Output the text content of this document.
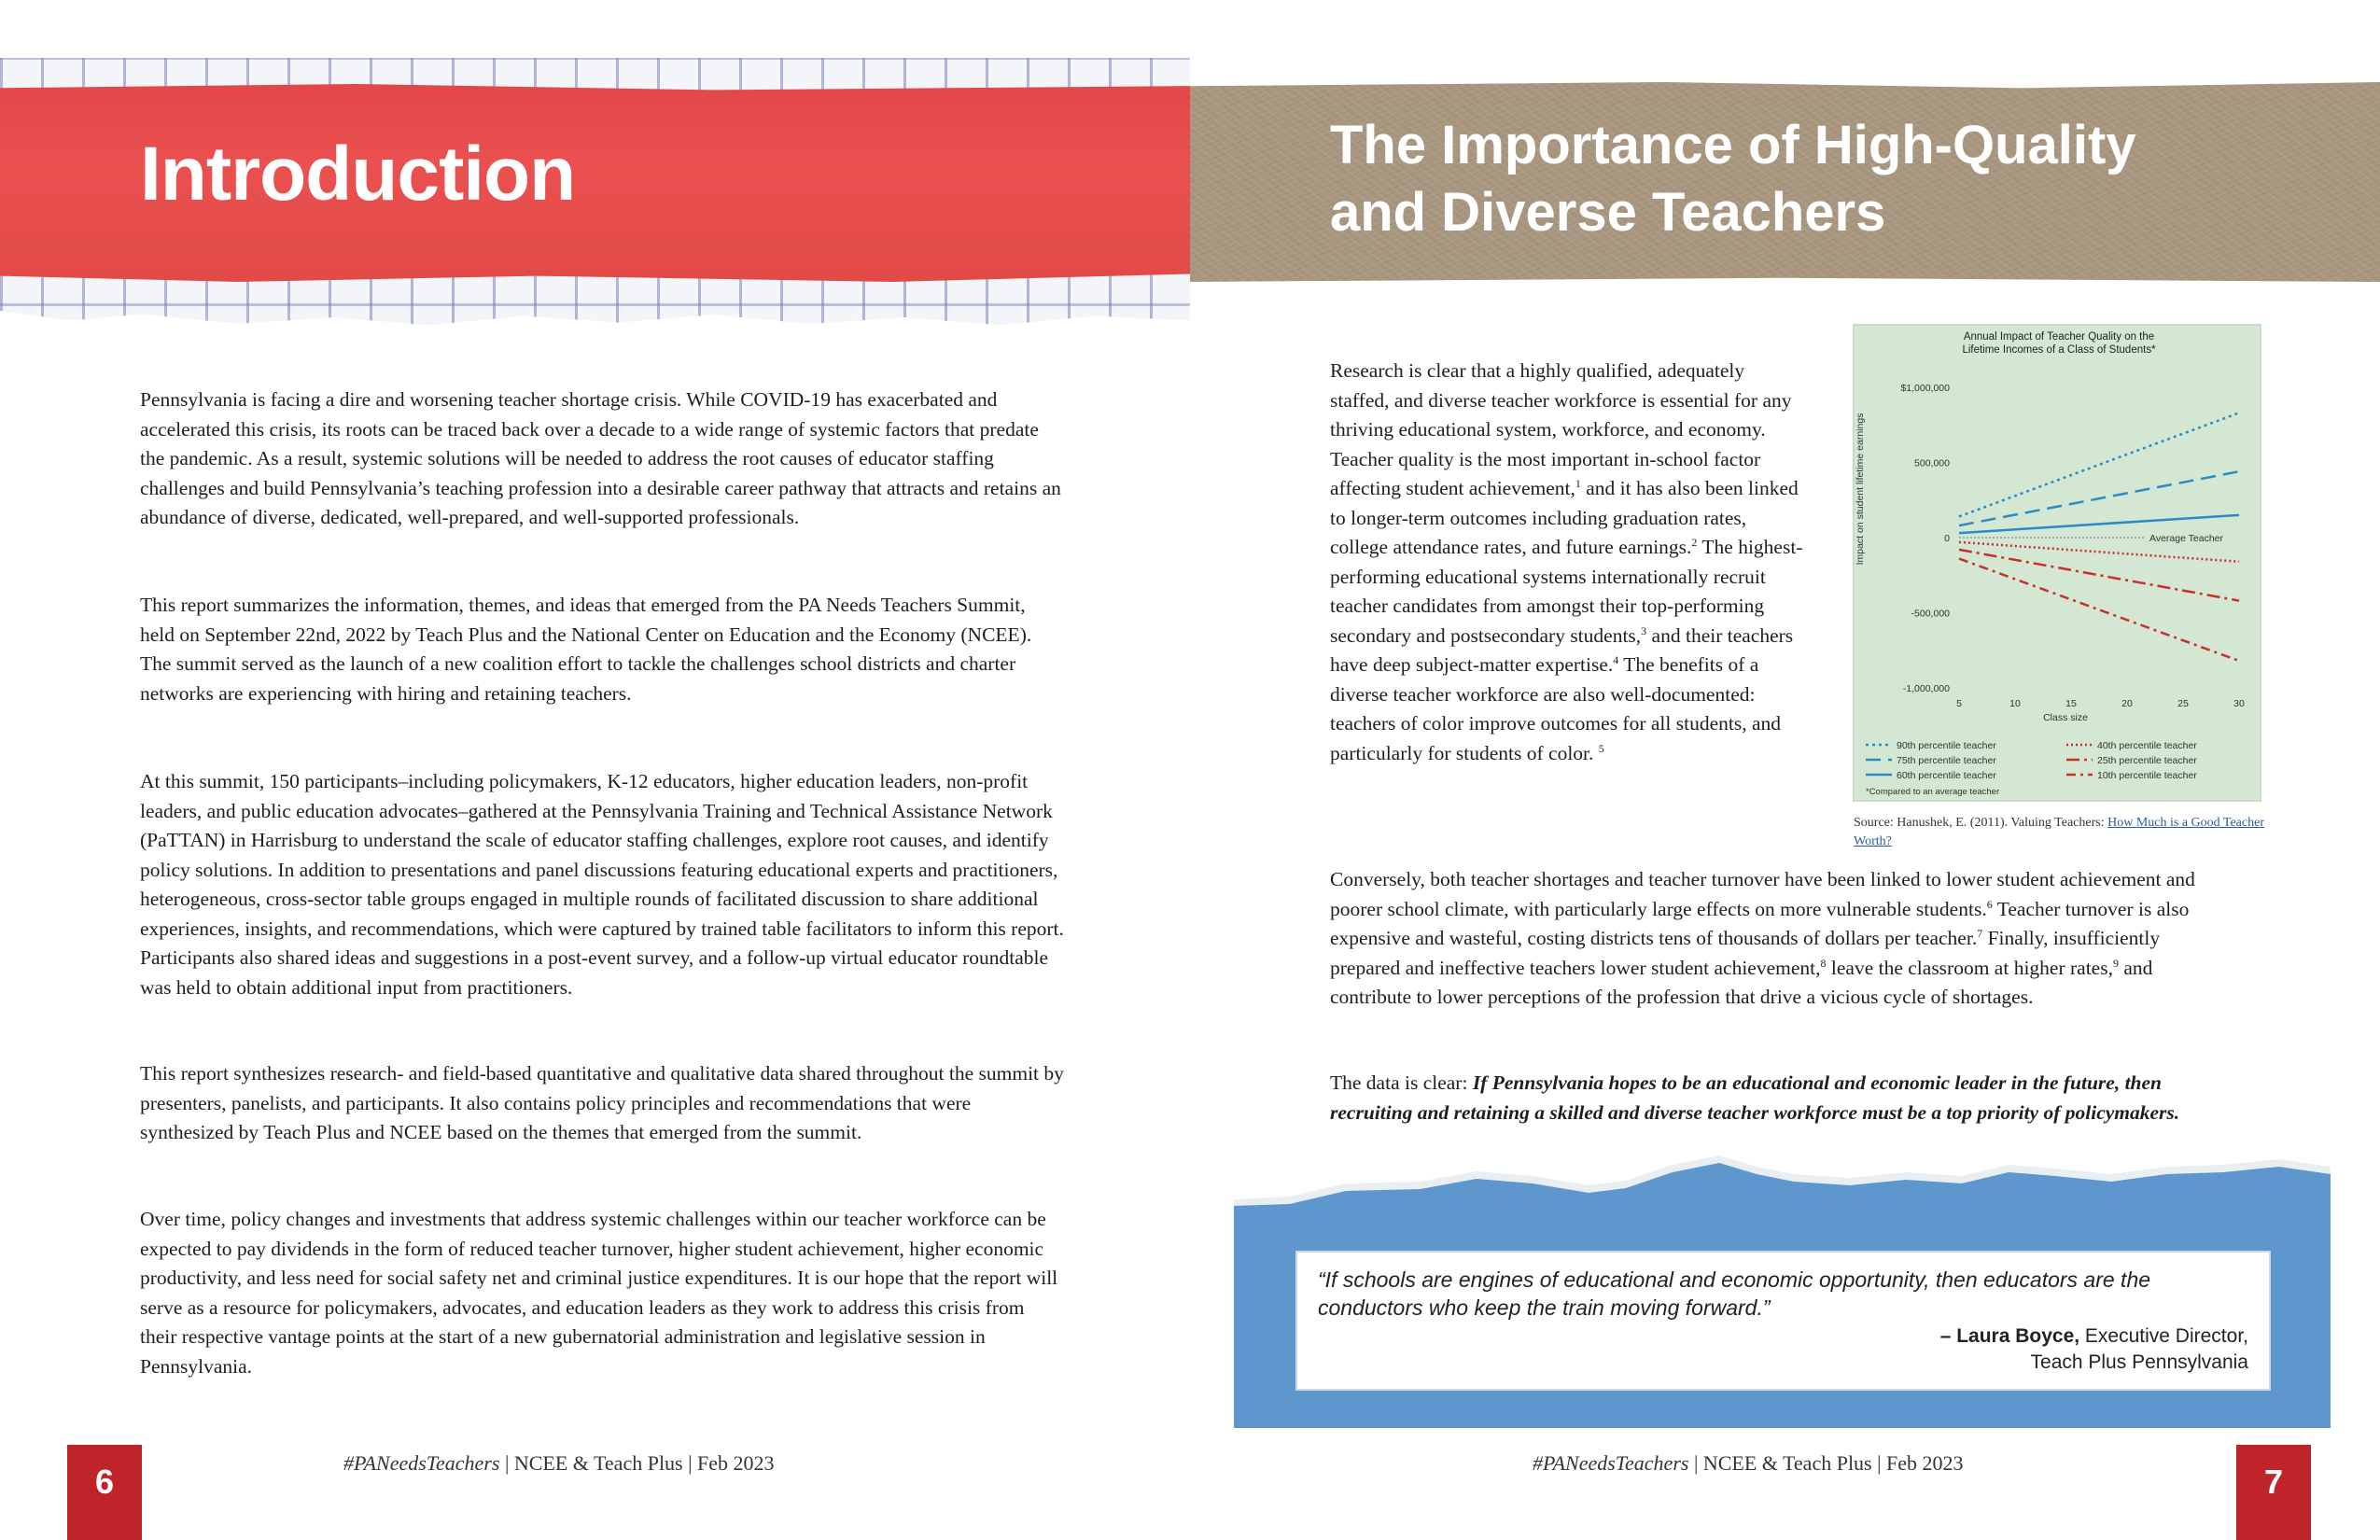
Introduction	The Importance of High-Quality
and Diverse Teachers

Pennsylvania is facing a dire and worsening teacher shortage crisis. While COVID-19 has exacerbated and accelerated this crisis, its roots can be traced back over a decade to a wide range of systemic factors that predate the pandemic. As a result, systemic solutions will be needed to address the root causes of educator staffing challenges and build Pennsylvania’s teaching profession into a desirable career pathway that attracts and retains an abundance of diverse, dedicated, well-prepared, and well-supported professionals.

This report summarizes the information, themes, and ideas that emerged from the PA Needs Teachers Summit, held on September 22nd, 2022 by Teach Plus and the National Center on Education and the Economy (NCEE). The summit served as the launch of a new coalition effort to tackle the challenges school districts and charter networks are experiencing with hiring and retaining teachers.

At this summit, 150 participants–including policymakers, K-12 educators, higher education leaders, non-profit leaders, and public education advocates–gathered at the Pennsylvania Training and Technical Assistance Network (PaTTAN) in Harrisburg to understand the scale of educator staffing challenges, explore root causes, and identify policy solutions. In addition to presentations and panel discussions featuring educational experts and practitioners, heterogeneous, cross-sector table groups engaged in multiple rounds of facilitated discussion to share additional experiences, insights, and recommendations, which were captured by trained table facilitators to inform this report. Participants also shared ideas and suggestions in a post-event survey, and a follow-up virtual educator roundtable was held to obtain additional input from practitioners.

This report synthesizes research- and field-based quantitative and qualitative data shared throughout the summit by presenters, panelists, and participants. It also contains policy principles and recommendations that were synthesized by Teach Plus and NCEE based on the themes that emerged from the summit.

Over time, policy changes and investments that address systemic challenges within our teacher workforce can be expected to pay dividends in the form of reduced teacher turnover, higher student achievement, higher economic productivity, and less need for social safety net and criminal justice expenditures. It is our hope that the report will serve as a resource for policymakers, advocates, and education leaders as they work to address this crisis from their respective vantage points at the start of a new gubernatorial administration and legislative session in Pennsylvania.

Research is clear that a highly qualified, adequately staffed, and diverse teacher workforce is essential for any thriving educational system, workforce, and economy. Teacher quality is the most important in-school factor affecting student achievement,$^1$ and it has also been linked to longer-term outcomes including graduation rates, college attendance rates, and future earnings.$^2$ The highest-performing educational systems internationally recruit teacher candidates from amongst their top-performing secondary and postsecondary students,$^3$ and their teachers have deep subject-matter expertise.$^4$ The benefits of a diverse teacher workforce are also well-documented: teachers of color improve outcomes for all students, and particularly for students of color. $^5$

Conversely, both teacher shortages and teacher turnover have been linked to lower student achievement and poorer school climate, with particularly large effects on more vulnerable students.$^6$ Teacher turnover is also expensive and wasteful, costing districts tens of thousands of dollars per teacher.$^7$ Finally, insufficiently prepared and ineffective teachers lower student achievement,$^8$ leave the classroom at higher rates,$^9$ and contribute to lower perceptions of the profession that drive a vicious cycle of shortages.

The data is clear: If Pennsylvania hopes to be an educational and economic leader in the future, then recruiting and retaining a skilled and diverse teacher workforce must be a top priority of policymakers.

Annual Impact of Teacher Quality on the
Lifetime Incomes of a Class of Students*
$1,000,000
500,000
0
-500,000
-1,000,000
5	10	15	20	25	30
Impact on student lifetime earnings
Class size
Average Teacher
90th percentile teacher
75th percentile teacher
60th percentile teacher
40th percentile teacher
25th percentile teacher
10th percentile teacher
*Compared to an average teacher

Source: Hanushek, E. (2011). Valuing Teachers: How Much is a Good Teacher Worth?

“If schools are engines of educational and economic opportunity, then educators are the conductors who keep the train moving forward.”

– Laura Boyce, Executive Director,
Teach Plus Pennsylvania

6	#PANeedsTeachers | NCEE & Teach Plus | Feb 2023	#PANeedsTeachers | NCEE & Teach Plus | Feb 2023	7
